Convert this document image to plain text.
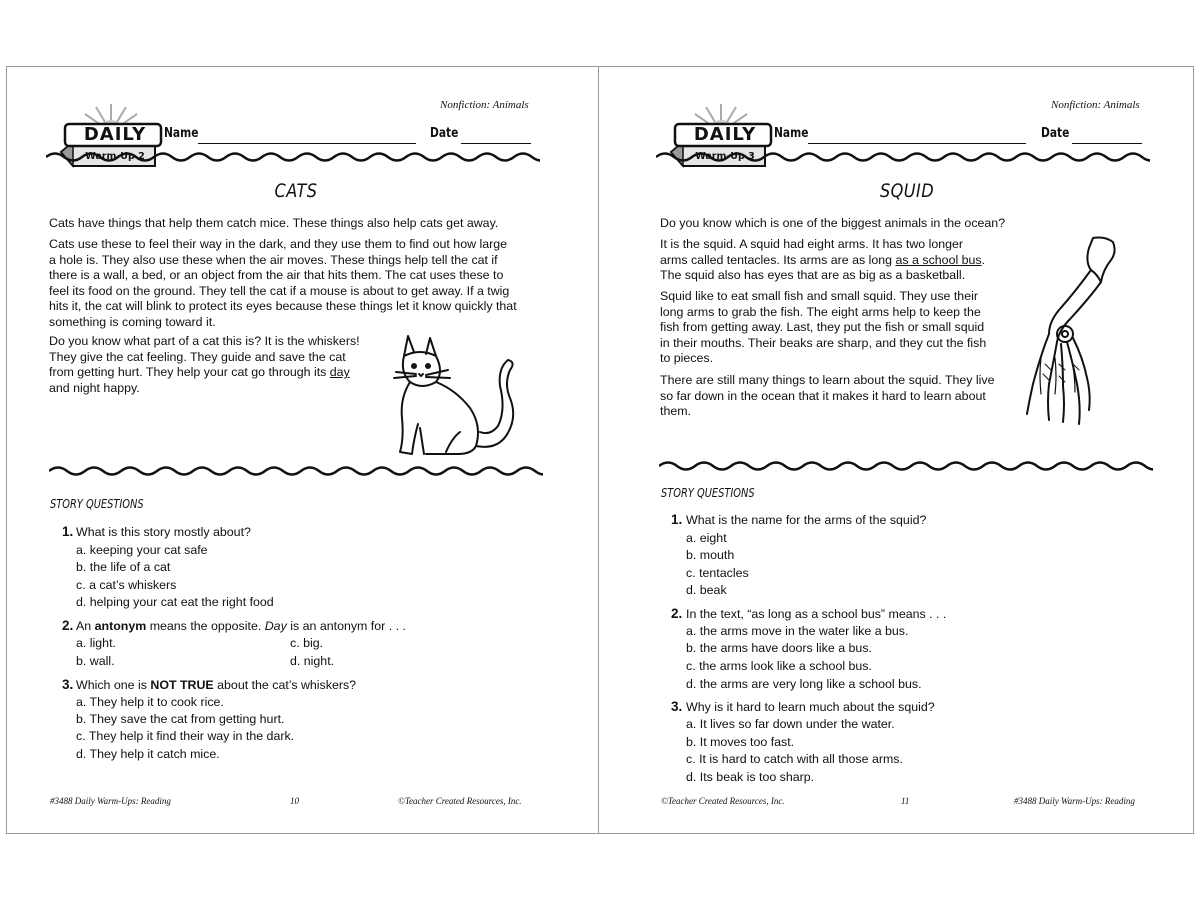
Nonfiction: Animals
DAILY
Warm-Up 2
Name	Date
CATS
Cats have things that help them catch mice. These things also help cats get away.
Cats use these to feel their way in the dark, and they use them to find out how large
a hole is. They also use these when the air moves. These things help tell the cat if
there is a wall, a bed, or an object from the air that hits them. The cat uses these to
feel its food on the ground. They tell the cat if a mouse is about to get away. If a twig
hits it, the cat will blink to protect its eyes because these things let it know quickly that
something is coming toward it.
Do you know what part of a cat this is? It is the whiskers!
They give the cat feeling. They guide and save the cat
from getting hurt. They help your cat go through its day
and night happy.
STORY QUESTIONS
1. What is this story mostly about?
a. keeping your cat safe
b. the life of a cat
c. a cat’s whiskers
d. helping your cat eat the right food
2. An antonym means the opposite. Day is an antonym for . . .
a. light.	c. big.
b. wall.	d. night.
3. Which one is NOT TRUE about the cat’s whiskers?
a. They help it to cook rice.
b. They save the cat from getting hurt.
c. They help it find their way in the dark.
d. They help it catch mice.
#3488 Daily Warm-Ups: Reading	10	©Teacher Created Resources, Inc.
Nonfiction: Animals
DAILY
Warm-Up 3
Name	Date
SQUID
Do you know which is one of the biggest animals in the ocean?
It is the squid. A squid had eight arms. It has two longer
arms called tentacles. Its arms are as long as a school bus.
The squid also has eyes that are as big as a basketball.
Squid like to eat small fish and small squid. They use their
long arms to grab the fish. The eight arms help to keep the
fish from getting away. Last, they put the fish or small squid
in their mouths. Their beaks are sharp, and they cut the fish
to pieces.
There are still many things to learn about the squid. They live
so far down in the ocean that it makes it hard to learn about
them.
STORY QUESTIONS
1. What is the name for the arms of the squid?
a. eight
b. mouth
c. tentacles
d. beak
2. In the text, “as long as a school bus” means . . .
a. the arms move in the water like a bus.
b. the arms have doors like a bus.
c. the arms look like a school bus.
d. the arms are very long like a school bus.
3. Why is it hard to learn much about the squid?
a. It lives so far down under the water.
b. It moves too fast.
c. It is hard to catch with all those arms.
d. Its beak is too sharp.
©Teacher Created Resources, Inc.	11	#3488 Daily Warm-Ups: Reading
